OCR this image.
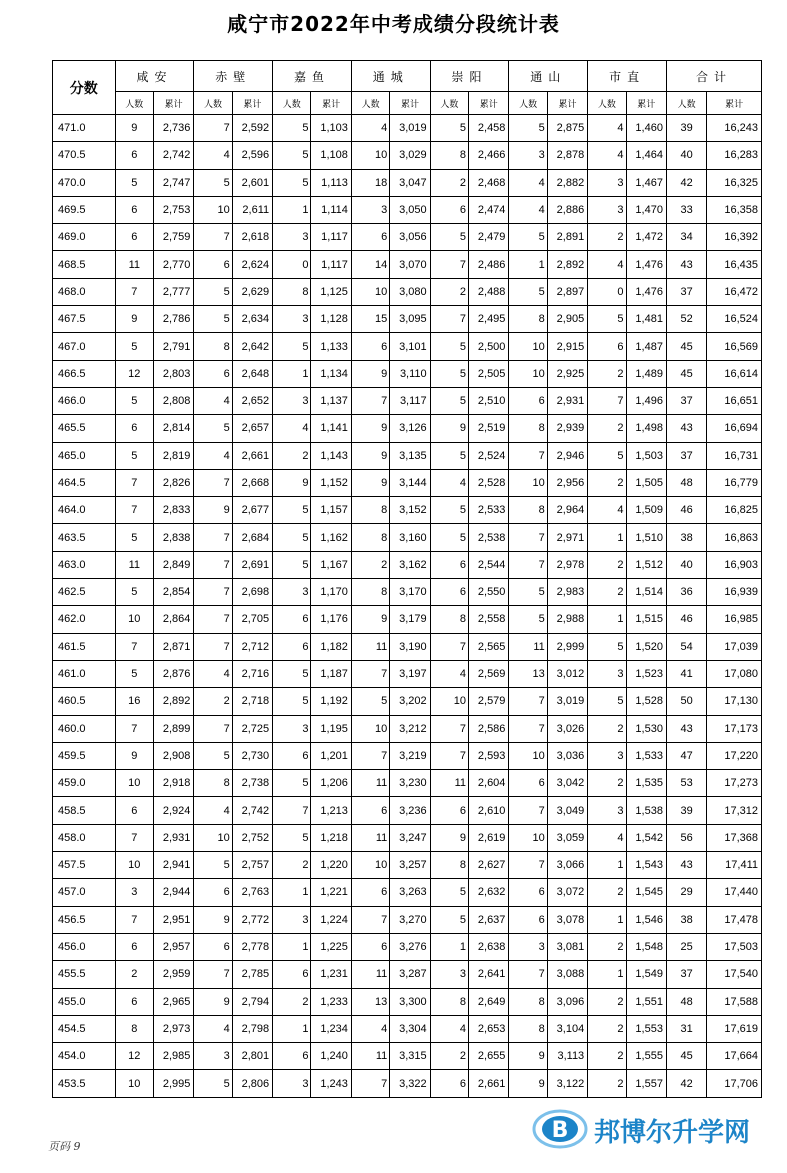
咸宁市2022年中考成绩分段统计表
分数	咸安		赤壁		嘉鱼		通城		崇阳		通山		市直		合计	
	人数	累计	人数	累计	人数	累计	人数	累计	人数	累计	人数	累计	人数	累计	人数	累计
471.0	9	2,736	7	2,592	5	1,103	4	3,019	5	2,458	5	2,875	4	1,460	39	16,243
470.5	6	2,742	4	2,596	5	1,108	10	3,029	8	2,466	3	2,878	4	1,464	40	16,283
470.0	5	2,747	5	2,601	5	1,113	18	3,047	2	2,468	4	2,882	3	1,467	42	16,325
469.5	6	2,753	10	2,611	1	1,114	3	3,050	6	2,474	4	2,886	3	1,470	33	16,358
469.0	6	2,759	7	2,618	3	1,117	6	3,056	5	2,479	5	2,891	2	1,472	34	16,392
468.5	11	2,770	6	2,624	0	1,117	14	3,070	7	2,486	1	2,892	4	1,476	43	16,435
468.0	7	2,777	5	2,629	8	1,125	10	3,080	2	2,488	5	2,897	0	1,476	37	16,472
467.5	9	2,786	5	2,634	3	1,128	15	3,095	7	2,495	8	2,905	5	1,481	52	16,524
467.0	5	2,791	8	2,642	5	1,133	6	3,101	5	2,500	10	2,915	6	1,487	45	16,569
466.5	12	2,803	6	2,648	1	1,134	9	3,110	5	2,505	10	2,925	2	1,489	45	16,614
466.0	5	2,808	4	2,652	3	1,137	7	3,117	5	2,510	6	2,931	7	1,496	37	16,651
465.5	6	2,814	5	2,657	4	1,141	9	3,126	9	2,519	8	2,939	2	1,498	43	16,694
465.0	5	2,819	4	2,661	2	1,143	9	3,135	5	2,524	7	2,946	5	1,503	37	16,731
464.5	7	2,826	7	2,668	9	1,152	9	3,144	4	2,528	10	2,956	2	1,505	48	16,779
464.0	7	2,833	9	2,677	5	1,157	8	3,152	5	2,533	8	2,964	4	1,509	46	16,825
463.5	5	2,838	7	2,684	5	1,162	8	3,160	5	2,538	7	2,971	1	1,510	38	16,863
463.0	11	2,849	7	2,691	5	1,167	2	3,162	6	2,544	7	2,978	2	1,512	40	16,903
462.5	5	2,854	7	2,698	3	1,170	8	3,170	6	2,550	5	2,983	2	1,514	36	16,939
462.0	10	2,864	7	2,705	6	1,176	9	3,179	8	2,558	5	2,988	1	1,515	46	16,985
461.5	7	2,871	7	2,712	6	1,182	11	3,190	7	2,565	11	2,999	5	1,520	54	17,039
461.0	5	2,876	4	2,716	5	1,187	7	3,197	4	2,569	13	3,012	3	1,523	41	17,080
460.5	16	2,892	2	2,718	5	1,192	5	3,202	10	2,579	7	3,019	5	1,528	50	17,130
460.0	7	2,899	7	2,725	3	1,195	10	3,212	7	2,586	7	3,026	2	1,530	43	17,173
459.5	9	2,908	5	2,730	6	1,201	7	3,219	7	2,593	10	3,036	3	1,533	47	17,220
459.0	10	2,918	8	2,738	5	1,206	11	3,230	11	2,604	6	3,042	2	1,535	53	17,273
458.5	6	2,924	4	2,742	7	1,213	6	3,236	6	2,610	7	3,049	3	1,538	39	17,312
458.0	7	2,931	10	2,752	5	1,218	11	3,247	9	2,619	10	3,059	4	1,542	56	17,368
457.5	10	2,941	5	2,757	2	1,220	10	3,257	8	2,627	7	3,066	1	1,543	43	17,411
457.0	3	2,944	6	2,763	1	1,221	6	3,263	5	2,632	6	3,072	2	1,545	29	17,440
456.5	7	2,951	9	2,772	3	1,224	7	3,270	5	2,637	6	3,078	1	1,546	38	17,478
456.0	6	2,957	6	2,778	1	1,225	6	3,276	1	2,638	3	3,081	2	1,548	25	17,503
455.5	2	2,959	7	2,785	6	1,231	11	3,287	3	2,641	7	3,088	1	1,549	37	17,540
455.0	6	2,965	9	2,794	2	1,233	13	3,300	8	2,649	8	3,096	2	1,551	48	17,588
454.5	8	2,973	4	2,798	1	1,234	4	3,304	4	2,653	8	3,104	2	1,553	31	17,619
454.0	12	2,985	3	2,801	6	1,240	11	3,315	2	2,655	9	3,113	2	1,555	45	17,664
453.5	10	2,995	5	2,806	3	1,243	7	3,322	6	2,661	9	3,122	2	1,557	42	17,706
页码 9
B 邦博尔升学网
